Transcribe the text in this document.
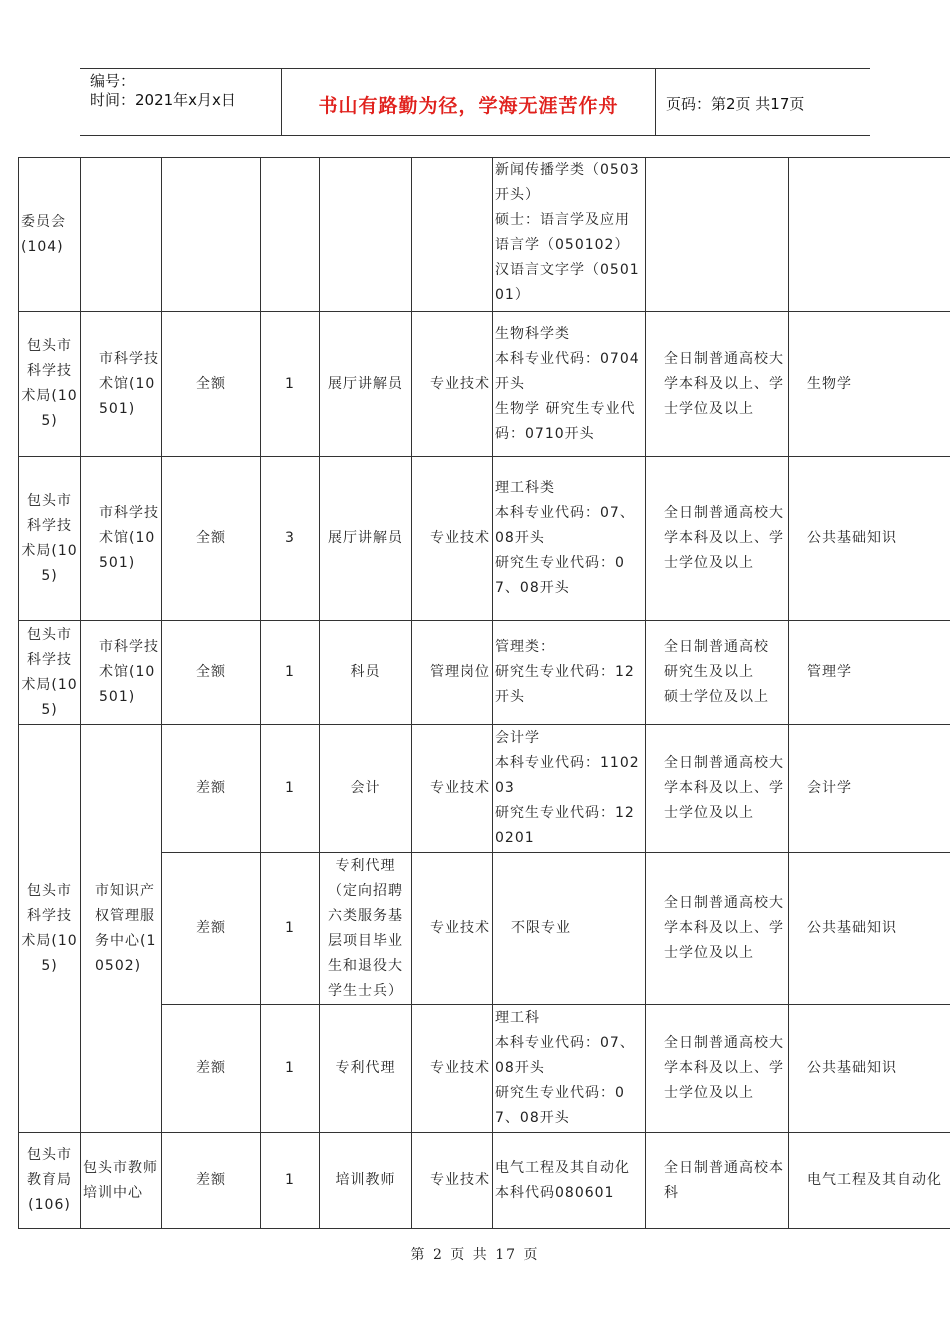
编号：
时间：2021年x月x日	书山有路勤为径，学海无涯苦作舟	页码：第2页 共17页
委员会
(104)						新闻传播学类（0503开头）
硕士：语言学及应用语言学（050102）汉语言文字学（050101）		
包头市科学技术局(105)	市科学技术馆(10501)	全额	1	展厅讲解员	专业技术	生物科学类
本科专业代码：0704开头
生物学 研究生专业代码：0710开头	全日制普通高校大学本科及以上、学士学位及以上	生物学
包头市科学技术局(105)	市科学技术馆(10501)	全额	3	展厅讲解员	专业技术	理工科类
本科专业代码：07、08开头
研究生专业代码：07、08开头	全日制普通高校大学本科及以上、学士学位及以上	公共基础知识
包头市科学技术局(105)	市科学技术馆(10501)	全额	1	科员	管理岗位	管理类：
研究生专业代码：12开头	全日制普通高校
研究生及以上
硕士学位及以上	管理学
包头市科学技术局(105)	市知识产权管理服务中心(10502)	差额	1	会计	专业技术	会计学
本科专业代码：110203
研究生专业代码：120201	全日制普通高校大学本科及以上、学士学位及以上	会计学
		差额	1	专利代理（定向招聘六类服务基层项目毕业生和退役大学生士兵）	专业技术	不限专业	全日制普通高校大学本科及以上、学士学位及以上	公共基础知识
		差额	1	专利代理	专业技术	理工科
本科专业代码：07、08开头
研究生专业代码：07、08开头	全日制普通高校大学本科及以上、学士学位及以上	公共基础知识
包头市教育局(106)	包头市教师培训中心	差额	1	培训教师	专业技术	电气工程及其自动化 本科代码080601	全日制普通高校本科	电气工程及其自动化
第 2 页 共 17 页
